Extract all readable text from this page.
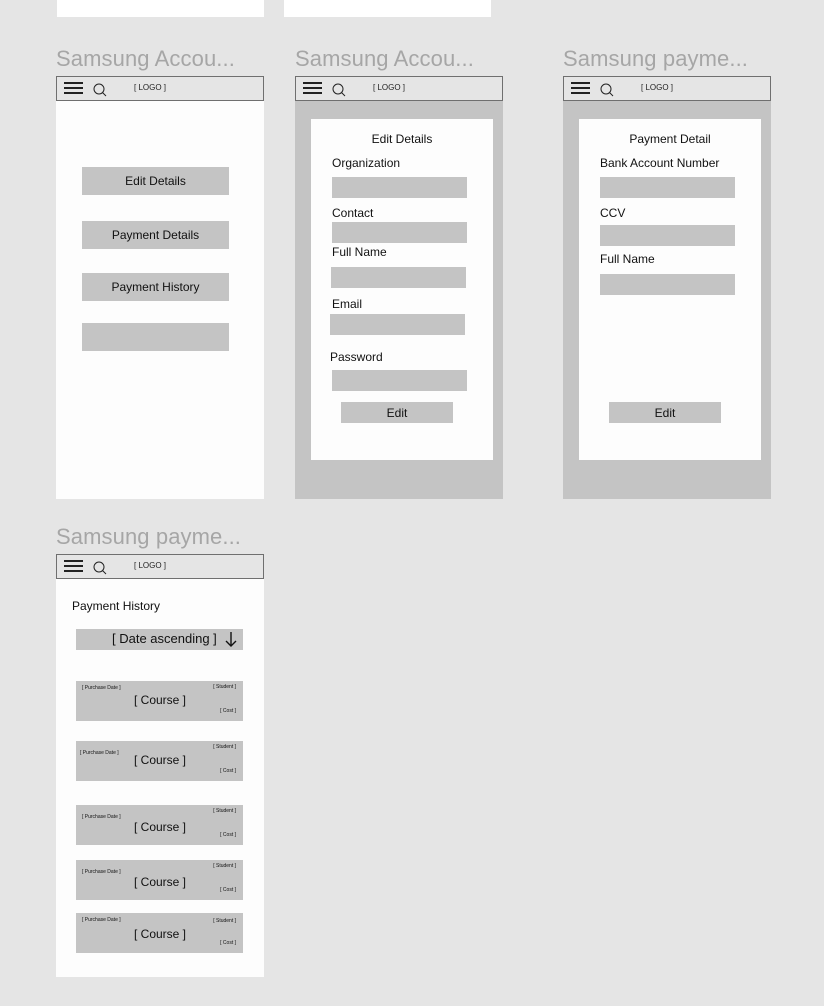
Samsung Accou...
[ LOGO ]
Edit Details
Payment Details
Payment History
Samsung Accou...
[ LOGO ]
Edit Details
Organization
Contact
Full Name
Email
Password
Edit
Samsung payme...
[ LOGO ]
Payment Detail
Bank Account Number
CCV
Full Name
Edit
Samsung payme...
[ LOGO ]
Payment History
[ Date ascending ]
[ Purchase Date ]
[ Course ]
[ Student ]
[ Cost ]
[ Purchase Date ] [ Course ]
[ Student ]
[ Cost ]
[ Purchase Date ]
[ Course ]
[ Student ]
[ Cost ]
[ Purchase Date ]
[ Course ]
[ Student ]
[ Cost ]
[ Purchase Date ]
[ Course ]
[ Student ]
[ Cost ]
